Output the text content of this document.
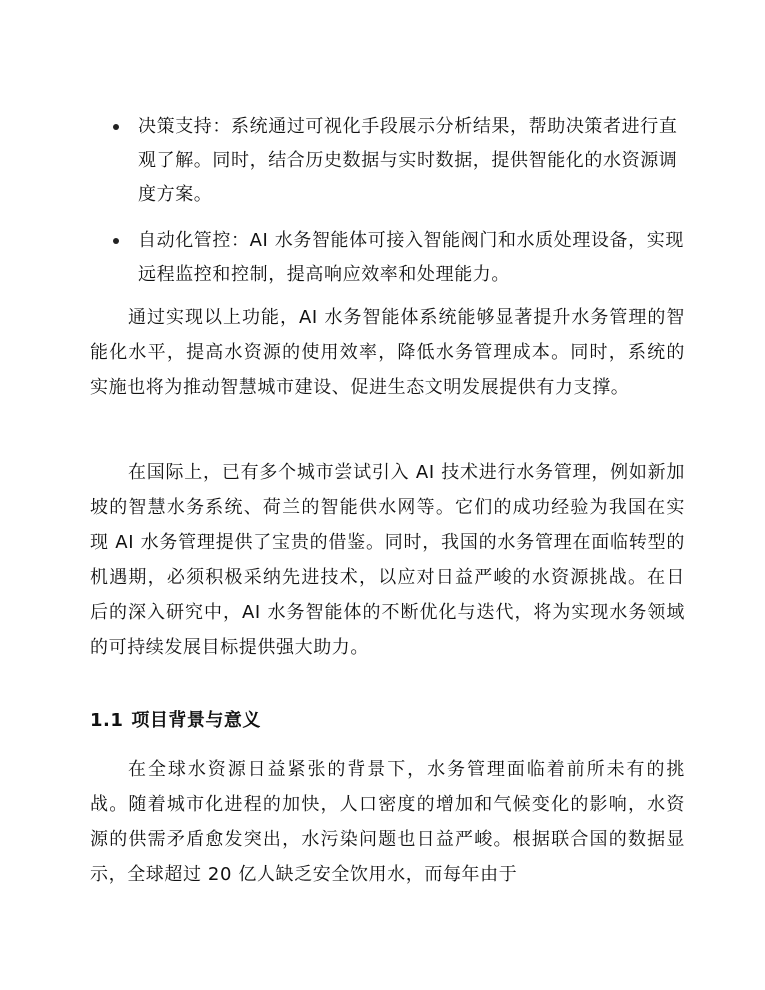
决策支持：系统通过可视化手段展示分析结果，帮助决策者进行直观了解。同时，结合历史数据与实时数据，提供智能化的水资源调度方案。
自动化管控：AI 水务智能体可接入智能阀门和水质处理设备，实现远程监控和控制，提高响应效率和处理能力。

通过实现以上功能，AI 水务智能体系统能够显著提升水务管理的智能化水平，提高水资源的使用效率，降低水务管理成本。同时，系统的实施也将为推动智慧城市建设、促进生态文明发展提供有力支撑。

在国际上，已有多个城市尝试引入 AI 技术进行水务管理，例如新加坡的智慧水务系统、荷兰的智能供水网等。它们的成功经验为我国在实现 AI 水务管理提供了宝贵的借鉴。同时，我国的水务管理在面临转型的机遇期，必须积极采纳先进技术，以应对日益严峻的水资源挑战。在日后的深入研究中，AI 水务智能体的不断优化与迭代，将为实现水务领域的可持续发展目标提供强大助力。

1.1 项目背景与意义

在全球水资源日益紧张的背景下，水务管理面临着前所未有的挑战。随着城市化进程的加快，人口密度的增加和气候变化的影响，水资源的供需矛盾愈发突出，水污染问题也日益严峻。根据联合国的数据显示，全球超过 20 亿人缺乏安全饮用水，而每年由于
